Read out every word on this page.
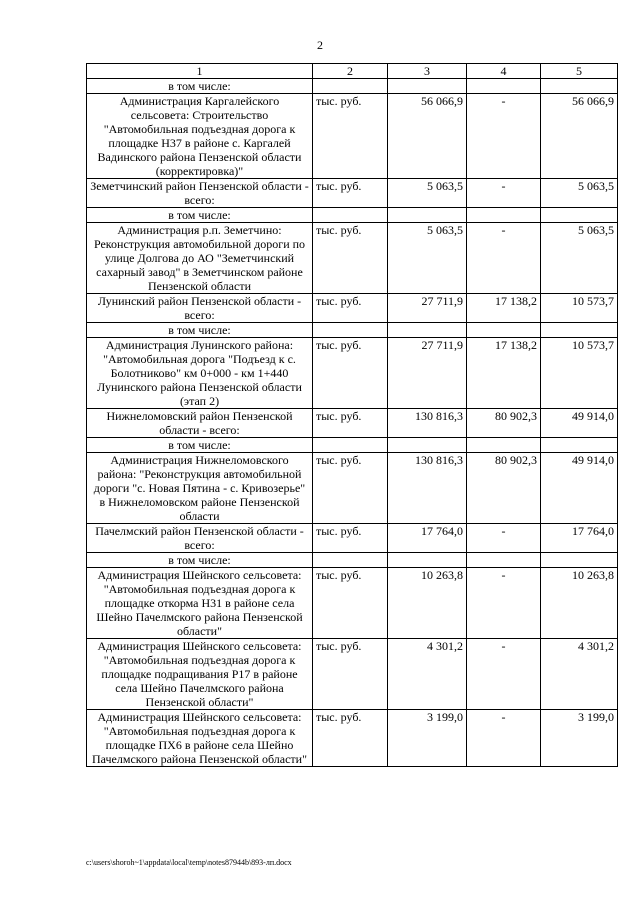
2
1	2	3	4	5
в том числе:				
Администрация Каргалейского сельсовета: Строительство "Автомобильная подъездная дорога к площадке Н37 в районе с. Каргалей Вадинского района Пензенской области (корректировка)"	тыс. руб.	56 066,9	-	56 066,9
Земетчинский район Пензенской области - всего:	тыс. руб.	5 063,5	-	5 063,5
в том числе:				
Администрация р.п. Земетчино: Реконструкция автомобильной дороги по улице Долгова до АО "Земетчинский сахарный завод" в Земетчинском районе Пензенской области	тыс. руб.	5 063,5	-	5 063,5
Лунинский район Пензенской области - всего:	тыс. руб.	27 711,9	17 138,2	10 573,7
в том числе:				
Администрация Лунинского района: "Автомобильная дорога "Подъезд к с. Болотниково" км 0+000 - км 1+440 Лунинского района Пензенской области (этап 2)	тыс. руб.	27 711,9	17 138,2	10 573,7
Нижнеломовский район Пензенской области - всего:	тыс. руб.	130 816,3	80 902,3	49 914,0
в том числе:				
Администрация Нижнеломовского района: "Реконструкция автомобильной дороги "с. Новая Пятина - с. Кривозерье" в Нижнеломовском районе Пензенской области	тыс. руб.	130 816,3	80 902,3	49 914,0
Пачелмский район Пензенской области - всего:	тыс. руб.	17 764,0	-	17 764,0
в том числе:				
Администрация Шейнского сельсовета: "Автомобильная подъездная дорога к площадке откорма Н31 в районе села Шейно Пачелмского района Пензенской области"	тыс. руб.	10 263,8	-	10 263,8
Администрация Шейнского сельсовета: "Автомобильная подъездная дорога к площадке подращивания Р17 в районе села Шейно Пачелмского района Пензенской области"	тыс. руб.	4 301,2	-	4 301,2
Администрация Шейнского сельсовета: "Автомобильная подъездная дорога к площадке ПХ6 в районе села Шейно Пачелмского района Пензенской области"	тыс. руб.	3 199,0	-	3 199,0
c:\users\shoroh~1\appdata\local\temp\notes87944b\893-лп.docx
